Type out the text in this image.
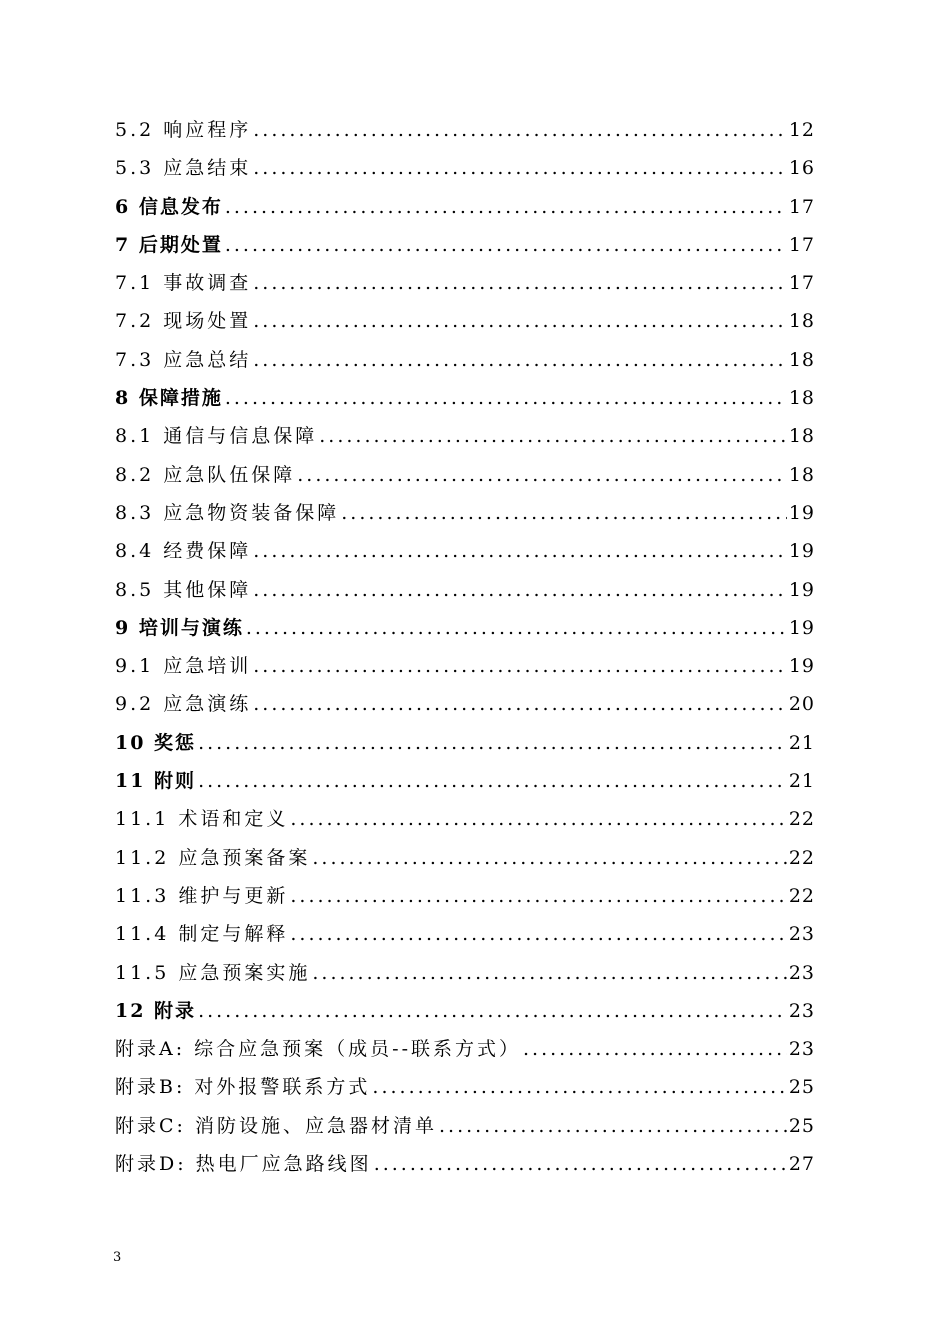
5.2 响应程序 .....	12
5.3 应急结束 .....	16
6 信息发布 .....	17
7 后期处置 .....	17
7.1 事故调查 .....	17
7.2 现场处置 .....	18
7.3 应急总结 .....	18
8 保障措施 .....	18
8.1 通信与信息保障 .....	18
8.2 应急队伍保障 .....	18
8.3 应急物资装备保障 .....	19
8.4 经费保障 .....	19
8.5 其他保障 .....	19
9 培训与演练 .....	19
9.1 应急培训 .....	19
9.2 应急演练 .....	20
10 奖惩 .....	21
11 附则 .....	21
11.1 术语和定义 .....	22
11.2 应急预案备案 .....	22
11.3 维护与更新 .....	22
11.4 制定与解释 .....	23
11.5 应急预案实施 .....	23
12 附录 .....	23
附录A: 综合应急预案（成员--联系方式） .....	23
附录B: 对外报警联系方式 .....	25
附录C: 消防设施、应急器材清单 .....	25
附录D: 热电厂应急路线图 .....	27
3
